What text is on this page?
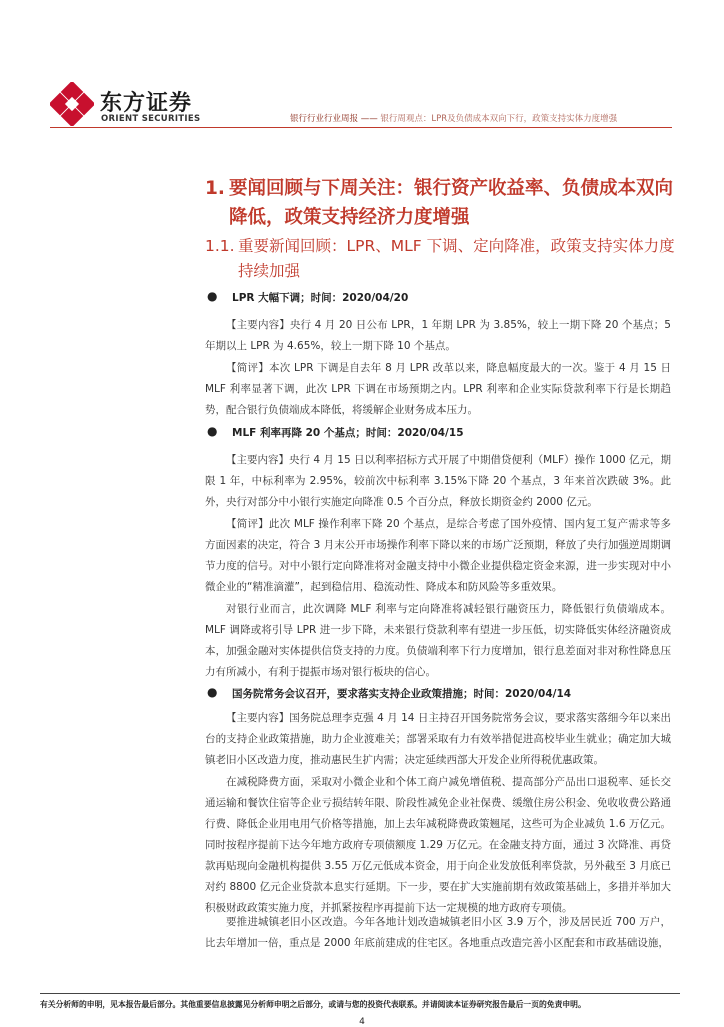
东方证券
ORIENT SECURITIES	银行行业行业周报 —— 银行周观点：LPR及负债成本双向下行，政策支持实体力度增强
1. 要闻回顾与下周关注：银行资产收益率、负债成本双向降低，政策支持经济力度增强
1.1. 重要新闻回顾：LPR、MLF 下调、定向降准，政策支持实体力度持续加强
● LPR 大幅下调；时间：2020/04/20
【主要内容】央行 4 月 20 日公布 LPR，1 年期 LPR 为 3.85%，较上一期下降 20 个基点；5 年期以上 LPR 为 4.65%，较上一期下降 10 个基点。
【简评】本次 LPR 下调是自去年 8 月 LPR 改革以来，降息幅度最大的一次。鉴于 4 月 15 日 MLF 利率显著下调，此次 LPR 下调在市场预期之内。LPR 利率和企业实际贷款利率下行是长期趋势，配合银行负债端成本降低，将缓解企业财务成本压力。
● MLF 利率再降 20 个基点；时间：2020/04/15
【主要内容】央行 4 月 15 日以利率招标方式开展了中期借贷便利（MLF）操作 1000 亿元，期限 1 年，中标利率为 2.95%，较前次中标利率 3.15%下降 20 个基点，3 年来首次跌破 3%。此外，央行对部分中小银行实施定向降准 0.5 个百分点，释放长期资金约 2000 亿元。
【简评】此次 MLF 操作利率下降 20 个基点，是综合考虑了国外疫情、国内复工复产需求等多方面因素的决定，符合 3 月末公开市场操作利率下降以来的市场广泛预期，释放了央行加强逆周期调节力度的信号。对中小银行定向降准将对金融支持中小微企业提供稳定资金来源，进一步实现对中小微企业的“精准滴灌”，起到稳信用、稳流动性、降成本和防风险等多重效果。
对银行业而言，此次调降 MLF 利率与定向降准将减轻银行融资压力，降低银行负债端成本。MLF 调降或将引导 LPR 进一步下降，未来银行贷款利率有望进一步压低，切实降低实体经济融资成本，加强金融对实体提供信贷支持的力度。负债端利率下行力度增加，银行息差面对非对称性降息压力有所减小，有利于提振市场对银行板块的信心。
● 国务院常务会议召开，要求落实支持企业政策措施；时间：2020/04/14
【主要内容】国务院总理李克强 4 月 14 日主持召开国务院常务会议，要求落实落细今年以来出台的支持企业政策措施，助力企业渡难关；部署采取有力有效举措促进高校毕业生就业；确定加大城镇老旧小区改造力度，推动惠民生扩内需；决定延续西部大开发企业所得税优惠政策。
在减税降费方面，采取对小微企业和个体工商户减免增值税、提高部分产品出口退税率、延长交通运输和餐饮住宿等企业亏损结转年限、阶段性减免企业社保费、缓缴住房公积金、免收收费公路通行费、降低企业用电用气价格等措施，加上去年减税降费政策翘尾，这些可为企业减负 1.6 万亿元。同时按程序提前下达今年地方政府专项债额度 1.29 万亿元。在金融支持方面，通过 3 次降准、再贷款再贴现向金融机构提供 3.55 万亿元低成本资金，用于向企业发放低利率贷款，另外截至 3 月底已对约 8800 亿元企业贷款本息实行延期。下一步，要在扩大实施前期有效政策基础上，多措并举加大积极财政政策实施力度，并抓紧按程序再提前下达一定规模的地方政府专项债。
要推进城镇老旧小区改造。今年各地计划改造城镇老旧小区 3.9 万个，涉及居民近 700 万户，比去年增加一倍，重点是 2000 年底前建成的住宅区。各地重点改造完善小区配套和市政基础设施，
有关分析师的申明，见本报告最后部分。其他重要信息披露见分析师申明之后部分，或请与您的投资代表联系。并请阅读本证券研究报告最后一页的免责申明。
4
